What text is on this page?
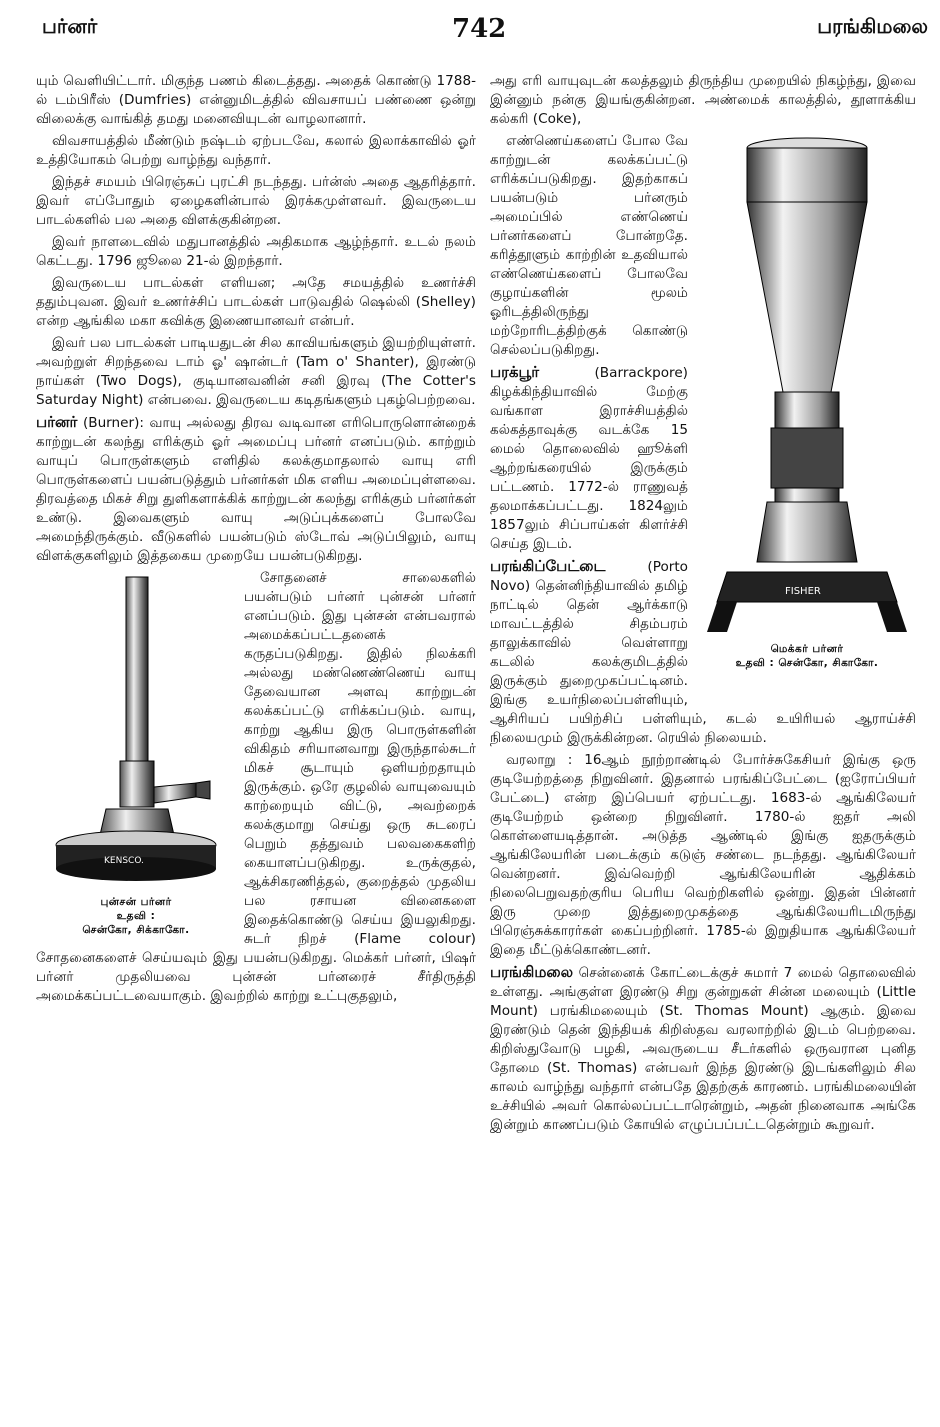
பர்னர்	742	பரங்கிமலை

யும் வெளியிட்டார். மிகுந்த பணம் கிடைத்தது. அதைக் கொண்டு 1788-ல் டம்பிரீஸ் (Dumfries) என்னுமிடத்தில் விவசாயப் பண்ணை ஒன்று விலைக்கு வாங்கித் தமது மனைவியுடன் வாழலானார்.

விவசாயத்தில் மீண்டும் நஷ்டம் ஏற்படவே, கலால் இலாக்காவில் ஓர் உத்தியோகம் பெற்று வாழ்ந்து வந்தார்.

இந்தச் சமயம் பிரெஞ்சுப் புரட்சி நடந்தது. பர்ன்ஸ் அதை ஆதரித்தார். இவர் எப்போதும் ஏழைகளின்பால் இரக்கமுள்ளவர். இவருடைய பாடல்களில் பல அதை விளக்குகின்றன.

இவர் நாளடைவில் மதுபானத்தில் அதிகமாக ஆழ்ந்தார். உடல் நலம் கெட்டது. 1796 ஜூலை 21-ல் இறந்தார்.

இவருடைய பாடல்கள் எளியன; அதே சமயத்தில் உணர்ச்சி ததும்புவன. இவர் உணர்ச்சிப் பாடல்கள் பாடுவதில் ஷெல்லி (Shelley) என்ற ஆங்கில மகா கவிக்கு இணையானவர் என்பர்.

இவர் பல பாடல்கள் பாடியதுடன் சில காவியங்களும் இயற்றியுள்ளர். அவற்றுள் சிறந்தவை டாம் ஓ' ஷான்டர் (Tam o' Shanter), இரண்டு நாய்கள் (Two Dogs), குடியானவனின் சனி இரவு (The Cotter's Saturday Night) என்பவை. இவருடைய கடிதங்களும் புகழ்பெற்றவை.

பர்னர் (Burner): வாயு அல்லது திரவ வடிவான எரிபொருளொன்றைக் காற்றுடன் கலந்து எரிக்கும் ஓர் அமைப்பு பர்னர் எனப்படும். காற்றும் வாயுப் பொருள்களும் எளிதில் கலக்குமாதலால் வாயு எரி பொருள்களைப் பயன்படுத்தும் பர்னர்கள் மிக எளிய அமைப்புள்ளவை. திரவத்தை மிகச் சிறு துளிகளாக்கிக் காற்றுடன் கலந்து எரிக்கும் பர்னர்கள் உண்டு. இவைகளும் வாயு அடுப்புக்களைப் போலவே அமைந்திருக்கும். வீடுகளில் பயன்படும் ஸ்டோவ் அடுப்பிலும், வாயு விளக்குகளிலும் இத்தகைய முறையே பயன்படுகிறது.

KENSCO.
புன்சன் பர்னர்
உதவி :
சென்கோ, சிக்காகோ.

சோதனைச் சாலைகளில் பயன்படும் பர்னர் புன்சன் பர்னர் எனப்படும். இது புன்சன் என்பவரால் அமைக்கப்பட்டதனைக் கருதப்படுகிறது. இதில் நிலக்கரி அல்லது மண்ணெண்ணெய் வாயு தேவையான அளவு காற்றுடன் கலக்கப்பட்டு எரிக்கப்படும். வாயு, காற்று ஆகிய இரு பொருள்களின் விகிதம் சரியானவாறு இருந்தால்சுடர் மிகச் சூடாயும் ஒளியற்றதாயும் இருக்கும். ஒரே குழலில் வாயுவையும் காற்றையும் விட்டு, அவற்றைக் கலக்குமாறு செய்து ஒரு சுடரைப் பெறும் தத்துவம் பலவகைகளிற் கையாளப்படுகிறது. உருக்குதல், ஆக்சிகரணித்தல், குறைத்தல் முதலிய பல ரசாயன வினைகளை இதைக்கொண்டு செய்ய இயலுகிறது. சுடர் நிறச் (Flame colour) சோதனைகளைச் செய்யவும் இது பயன்படுகிறது. மெக்கர் பர்னர், பிஷர் பர்னர் முதலியவை புன்சன் பர்னரைச் சீர்திருத்தி அமைக்கப்பட்டவையாகும். இவற்றில் காற்று உட்புகுதலும்,

அது எரி வாயுவுடன் கலத்தலும் திருந்திய முறையில் நிகழ்ந்து, இவை இன்னும் நன்கு இயங்குகின்றன. அண்மைக் காலத்தில், தூளாக்கிய கல்கரி (Coke),

FISHER
மெக்கர் பர்னர்
உதவி : சென்கோ, சிகாகோ.

எண்ணெய்களைப் போல வே காற்றுடன் கலக்கப்பட்டு எரிக்கப்படுகிறது. இதற்காகப் பயன்படும் பர்னரும் அமைப்பில் எண்ணெய் பர்னர்களைப் போன்றதே. கரித்தூளும் காற்றின் உதவியால் எண்ணெய்களைப் போலவே குழாய்களின் மூலம் ஓரிடத்திலிருந்து மற்றோரிடத்திற்குக் கொண்டு செல்லப்படுகிறது.

பரக்பூர் (Barrackpore) கிழக்கிந்தியாவில் மேற்கு வங்காள இராச்சியத்தில் கல்கத்தாவுக்கு வடக்கே 15 மைல் தொலைவில் ஹூக்ளி ஆற்றங்கரையில் இருக்கும் பட்டணம். 1772-ல் ராணுவத் தலமாக்கப்பட்டது. 1824லும் 1857லும் சிப்பாய்கள் கிளர்ச்சி செய்த இடம்.

பரங்கிப்பேட்டை (Porto Novo) தென்னிந்தியாவில் தமிழ் நாட்டில் தென் ஆர்க்காடு மாவட்டத்தில் சிதம்பரம் தாலுக்காவில் வெள்ளாறு கடலில் கலக்குமிடத்தில் இருக்கும் துறைமுகப்பட்டினம். இங்கு உயர்நிலைப்பள்ளியும், ஆசிரியப் பயிற்சிப் பள்ளியும், கடல் உயிரியல் ஆராய்ச்சி நிலையமும் இருக்கின்றன. ரெயில் நிலையம்.

வரலாறு : 16ஆம் நூற்றாண்டில் போர்ச்சுகேசியர் இங்கு ஒரு குடியேற்றத்தை நிறுவினர். இதனால் பரங்கிப்பேட்டை (ஐரோப்பியர் பேட்டை) என்ற இப்பெயர் ஏற்பட்டது. 1683-ல் ஆங்கிலேயர் குடியேற்றம் ஒன்றை நிறுவினர். 1780-ல் ஐதர் அலி கொள்ளையடித்தான். அடுத்த ஆண்டில் இங்கு ஐதருக்கும் ஆங்கிலேயரின் படைக்கும் கடுஞ் சண்டை நடந்தது. ஆங்கிலேயர் வென்றனர். இவ்வெற்றி ஆங்கிலேயரின் ஆதிக்கம் நிலைபெறுவதற்குரிய பெரிய வெற்றிகளில் ஒன்று. இதன் பின்னர் இரு முறை இத்துறைமுகத்தை ஆங்கிலேயரிடமிருந்து பிரெஞ்சுக்காரர்கள் கைப்பற்றினர். 1785-ல் இறுதியாக ஆங்கிலேயர் இதை மீட்டுக்கொண்டனர்.

பரங்கிமலை சென்னைக் கோட்டைக்குச் சுமார் 7 மைல் தொலைவில் உள்ளது. அங்குள்ள இரண்டு சிறு குன்றுகள் சின்ன மலையும் (Little Mount) பரங்கிமலையும் (St. Thomas Mount) ஆகும். இவை இரண்டும் தென் இந்தியக் கிறிஸ்தவ வரலாற்றில் இடம் பெற்றவை. கிறிஸ்துவோடு பழகி, அவருடைய சீடர்களில் ஒருவரான புனித தோமை (St. Thomas) என்பவர் இந்த இரண்டு இடங்களிலும் சில காலம் வாழ்ந்து வந்தார் என்பதே இதற்குக் காரணம். பரங்கிமலையின் உச்சியில் அவர் கொல்லப்பட்டாரென்றும், அதன் நினைவாக அங்கே இன்றும் காணப்படும் கோயில் எழுப்பப்பட்டதென்றும் கூறுவர்.
